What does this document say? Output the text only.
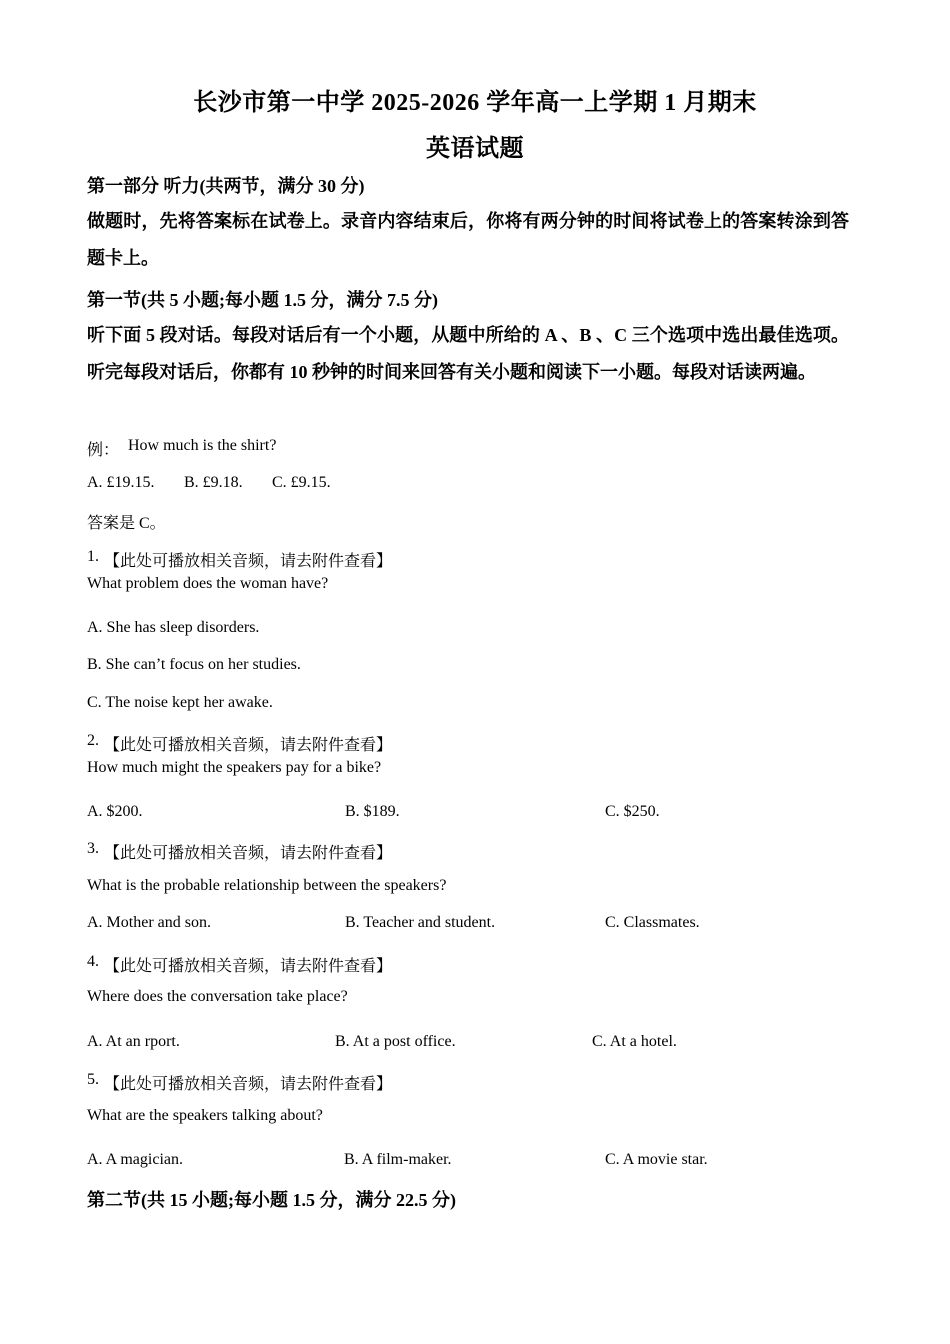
长沙市第一中学 2025-2026 学年高一上学期 1 月期末
英语试题
第一部分 听力(共两节，满分 30 分)
做题时，先将答案标在试卷上。录音内容结束后，你将有两分钟的时间将试卷上的答案转涂到答题卡上。
第一节(共 5 小题;每小题 1.5 分，满分 7.5 分)
听下面 5 段对话。每段对话后有一个小题，从题中所给的 A 、B 、C 三个选项中选出最佳选项。听完每段对话后，你都有 10 秒钟的时间来回答有关小题和阅读下一小题。每段对话读两遍。
例： How much is the shirt?
A. £19.15. B. £9.18. C. £9.15.
答案是 C。
1. 【此处可播放相关音频，请去附件查看】
What problem does the woman have?
A. She has sleep disorders.
B. She can’t focus on her studies.
C. The noise kept her awake.
2. 【此处可播放相关音频，请去附件查看】
How much might the speakers pay for a bike?
A. $200.	B. $189.	C. $250.
3. 【此处可播放相关音频，请去附件查看】
What is the probable relationship between the speakers?
A. Mother and son.	B. Teacher and student.	C. Classmates.
4. 【此处可播放相关音频，请去附件查看】
Where does the conversation take place?
A. At an rport.	B. At a post office.	C. At a hotel.
5. 【此处可播放相关音频，请去附件查看】
What are the speakers talking about?
A. A magician.	B. A film-maker.	C. A movie star.
第二节(共 15 小题;每小题 1.5 分，满分 22.5 分)
